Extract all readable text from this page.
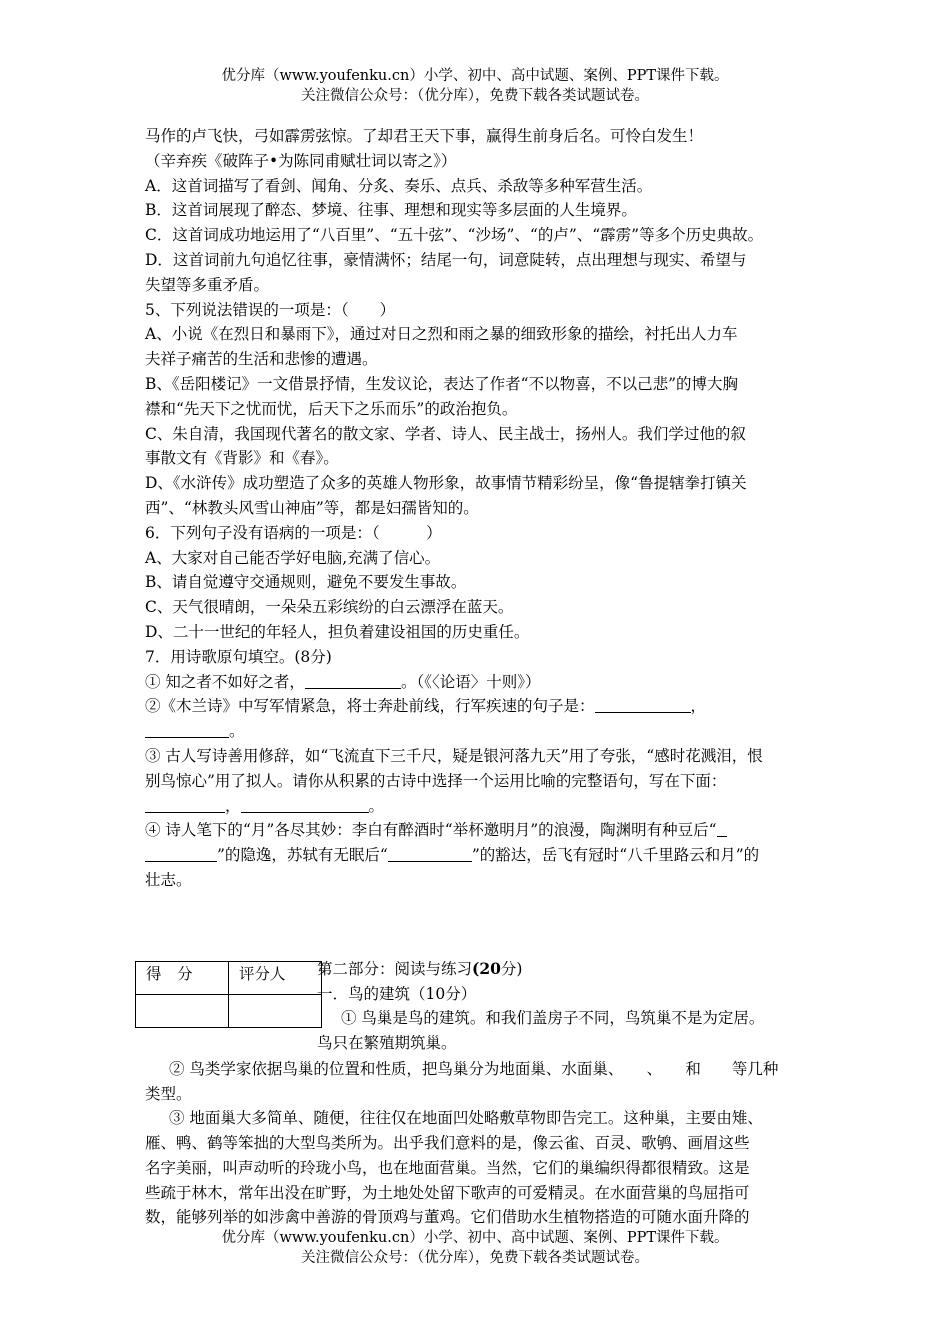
优分库（www.youfenku.cn）小学、初中、高中试题、案例、PPT课件下载。
关注微信公众号：（优分库），免费下载各类试题试卷。
马作的卢飞快，弓如霹雳弦惊。了却君王天下事，赢得生前身后名。可怜白发生！
（辛弃疾《破阵子•为陈同甫赋壮词以寄之》）
A．这首词描写了看剑、闻角、分炙、奏乐、点兵、杀敌等多种军营生活。
B．这首词展现了醉态、梦境、往事、理想和现实等多层面的人生境界。
C．这首词成功地运用了“八百里”、“五十弦”、“沙场”、“的卢”、“霹雳”等多个历史典故。
D．这首词前九句追忆往事，豪情满怀；结尾一句，词意陡转，点出理想与现实、希望与
失望等多重矛盾。
5、下列说法错误的一项是：（　　）
A、小说《在烈日和暴雨下》，通过对日之烈和雨之暴的细致形象的描绘，衬托出人力车
夫祥子痛苦的生活和悲惨的遭遇。
B、《岳阳楼记》一文借景抒情，生发议论，表达了作者“不以物喜，不以己悲”的博大胸
襟和“先天下之忧而忧，后天下之乐而乐”的政治抱负。
C、朱自清，我国现代著名的散文家、学者、诗人、民主战士，扬州人。我们学过他的叙
事散文有《背影》和《春》。
D、《水浒传》成功塑造了众多的英雄人物形象，故事情节精彩纷呈，像“鲁提辖拳打镇关
西”、“林教头风雪山神庙”等，都是妇孺皆知的。
6．下列句子没有语病的一项是：（　　　）
A、大家对自己能否学好电脑,充满了信心。
B、请自觉遵守交通规则，避免不要发生事故。
C、天气很晴朗，一朵朵五彩缤纷的白云漂浮在蓝天。
D、二十一世纪的年轻人，担负着建设祖国的历史重任。
7．用诗歌原句填空。(8分)
① 知之者不如好之者，	。（《〈论语〉十则》）
②《木兰诗》中写军情紧急，将士奔赴前线，行军疾速的句子是：	，
。
③ 古人写诗善用修辞，如“飞流直下三千尺，疑是银河落九天”用了夸张，“感时花溅泪，恨
别鸟惊心”用了拟人。请你从积累的古诗中选择一个运用比喻的完整语句，写在下面：
，	。
④ 诗人笔下的“月”各尽其妙：李白有醉酒时“举杯邀明月”的浪漫，陶渊明有种豆后“
”的隐逸，苏轼有无眠后“	”的豁达，岳飞有冠时“八千里路云和月”的
壮志。
得　分	评分人
	第二部分：阅读与练习(20分)
一．鸟的建筑（10分）
① 鸟巢是鸟的建筑。和我们盖房子不同，鸟筑巢不是为定居。
鸟只在繁殖期筑巢。
② 鸟类学家依据鸟巢的位置和性质，把鸟巢分为地面巢、水面巢、　　、　　和　　等几种
类型。
③ 地面巢大多简单、随便，往往仅在地面凹处略敷草物即告完工。这种巢，主要由雉、
雁、鸭、鹤等笨拙的大型鸟类所为。出乎我们意料的是，像云雀、百灵、歌鸲、画眉这些
名字美丽，叫声动听的玲珑小鸟，也在地面营巢。当然，它们的巢编织得都很精致。这是
些疏于林木，常年出没在旷野，为土地处处留下歌声的可爱精灵。在水面营巢的鸟屈指可
数，能够列举的如涉禽中善游的骨顶鸡与董鸡。它们借助水生植物搭造的可随水面升降的
优分库（www.youfenku.cn）小学、初中、高中试题、案例、PPT课件下载。
关注微信公众号：（优分库），免费下载各类试题试卷。
